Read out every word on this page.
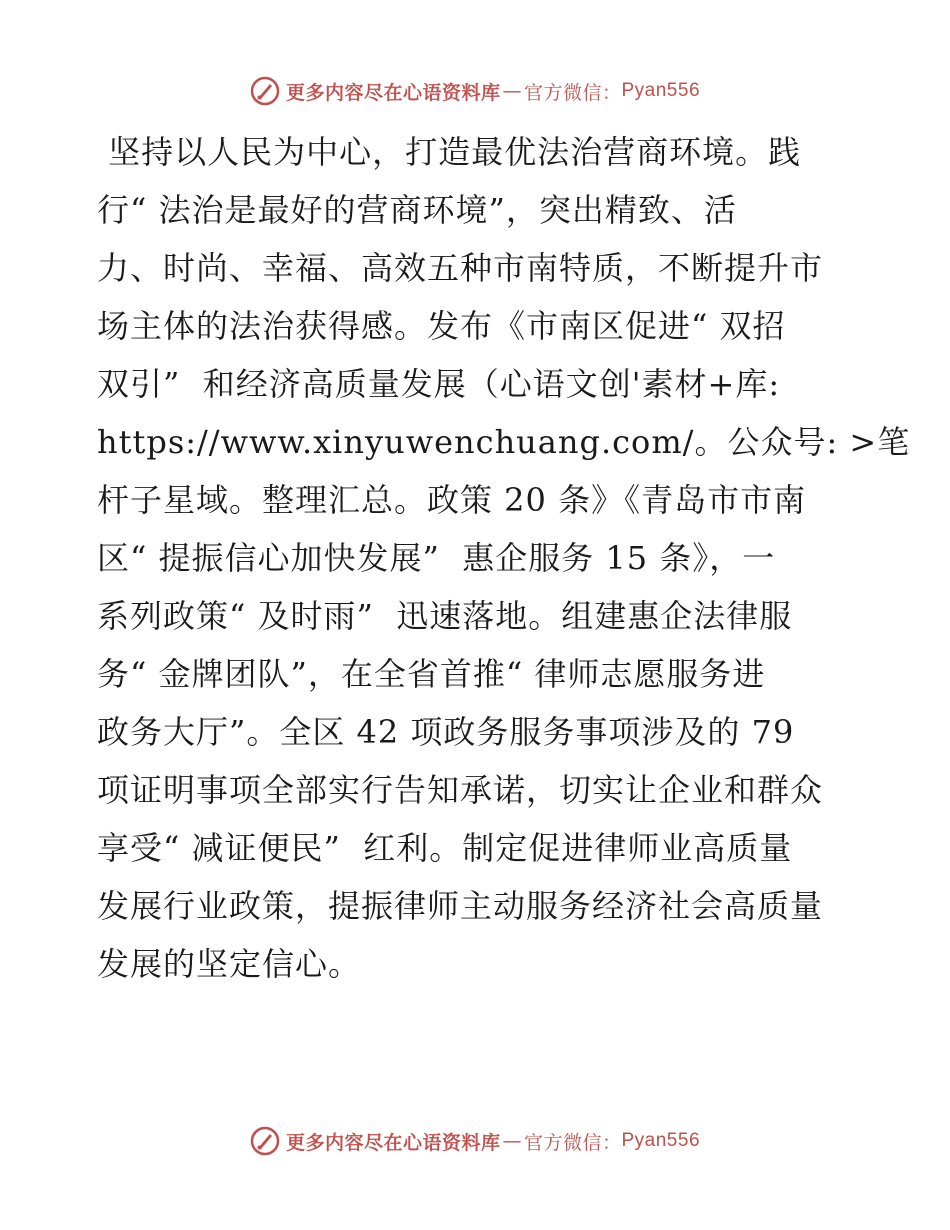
更多内容尽在心语资料库 — 官方微信： Pyan556
坚持以人民为中心，打造最优法治营商环境。践
行“ 法治是最好的营商环境”，突出精致、活
力、时尚、幸福、高效五种市南特质，不断提升市
场主体的法治获得感。发布《市南区促进“ 双招
双引”  和经济高质量发展（心语文创'素材+库:
https://www.xinyuwenchuang.com/。公众号: >笔
杆子星域。整理汇总。政策 20 条》《青岛市市南
区“ 提振信心加快发展”  惠企服务 15 条》，一
系列政策“ 及时雨”  迅速落地。组建惠企法律服
务“ 金牌团队”，在全省首推“ 律师志愿服务进
政务大厅”。全区 42 项政务服务事项涉及的 79
项证明事项全部实行告知承诺，切实让企业和群众
享受“ 减证便民”  红利。制定促进律师业高质量
发展行业政策，提振律师主动服务经济社会高质量
发展的坚定信心。
更多内容尽在心语资料库 — 官方微信： Pyan556
